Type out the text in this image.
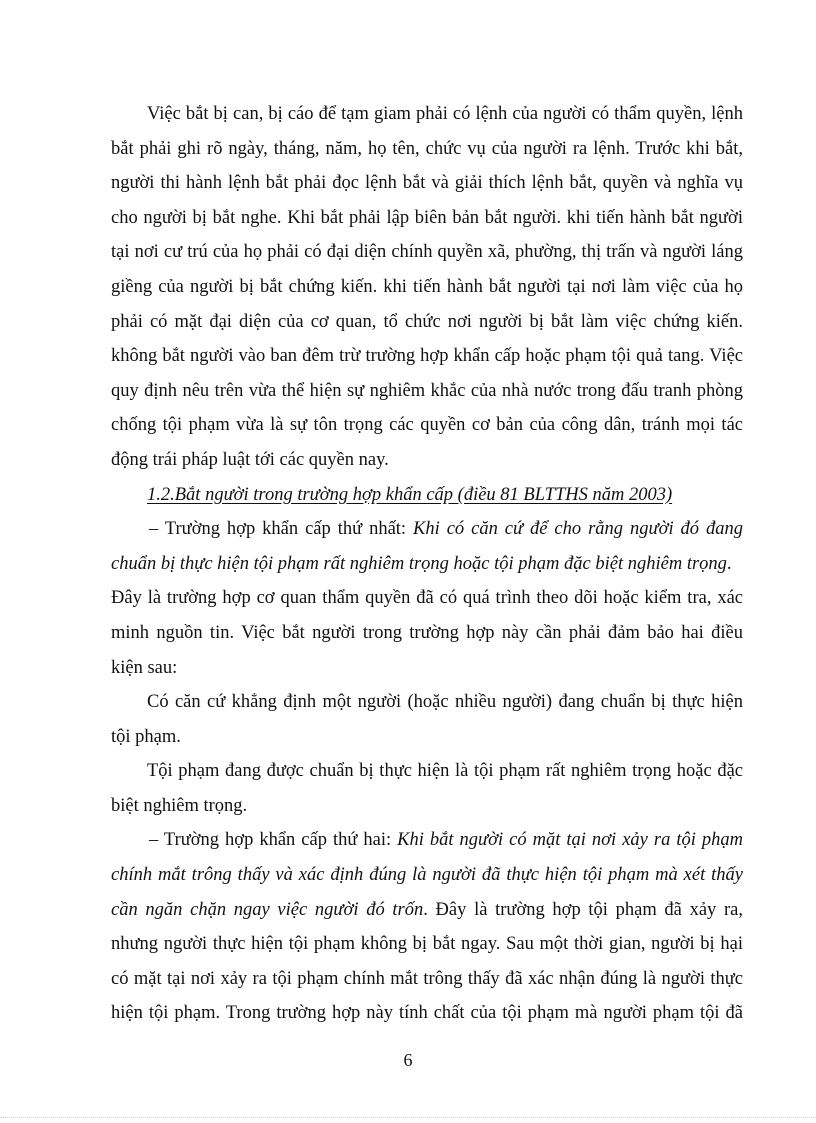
Việc bắt bị can, bị cáo để tạm giam phải có lệnh của người có thẩm quyền, lệnh
bắt phải ghi rõ ngày, tháng, năm, họ tên, chức vụ của người ra lệnh. Trước khi bắt,
người thi hành lệnh bắt phải đọc lệnh bắt và giải thích lệnh bắt, quyền và nghĩa vụ
cho người bị bắt nghe. Khi bắt phải lập biên bản bắt người. khi tiến hành bắt người
tại nơi cư trú của họ phải có đại diện chính quyền xã, phường, thị trấn và người láng
giềng của người bị bắt chứng kiến. khi tiến hành bắt người tại nơi làm việc của họ
phải có mặt đại diện của cơ quan, tổ chức nơi người bị bắt làm việc chứng kiến.
không bắt người vào ban đêm trừ trường hợp khẩn cấp hoặc phạm tội quả tang. Việc
quy định nêu trên vừa thể hiện sự nghiêm khắc của nhà nước trong đấu tranh phòng
chống tội phạm vừa là sự tôn trọng các quyền cơ bản của công dân, tránh mọi tác
động trái pháp luật tới các quyền nay.
1.2.Bắt người trong trường hợp khẩn cấp (điều 81 BLTTHS năm 2003)
– Trường hợp khẩn cấp thứ nhất: Khi có căn cứ để cho rằng người đó đang
chuẩn bị thực hiện tội phạm rất nghiêm trọng hoặc tội phạm đặc biệt nghiêm trọng.
Đây là trường hợp cơ quan thẩm quyền đã có quá trình theo dõi hoặc kiểm tra, xác
minh nguồn tin. Việc bắt người trong trường hợp này cần phải đảm bảo hai điều
kiện sau:
Có căn cứ khẳng định một người (hoặc nhiều người) đang chuẩn bị thực hiện
tội phạm.
Tội phạm đang được chuẩn bị thực hiện là tội phạm rất nghiêm trọng hoặc đặc
biệt nghiêm trọng.
– Trường hợp khẩn cấp thứ hai: Khi bắt người có mặt tại nơi xảy ra tội phạm
chính mắt trông thấy và xác định đúng là người đã thực hiện tội phạm mà xét thấy
cần ngăn chặn ngay việc người đó trốn. Đây là trường hợp tội phạm đã xảy ra,
nhưng người thực hiện tội phạm không bị bắt ngay. Sau một thời gian, người bị hại
có mặt tại nơi xảy ra tội phạm chính mắt trông thấy đã xác nhận đúng là người thực
hiện tội phạm. Trong trường hợp này tính chất của tội phạm mà người phạm tội đã
6
